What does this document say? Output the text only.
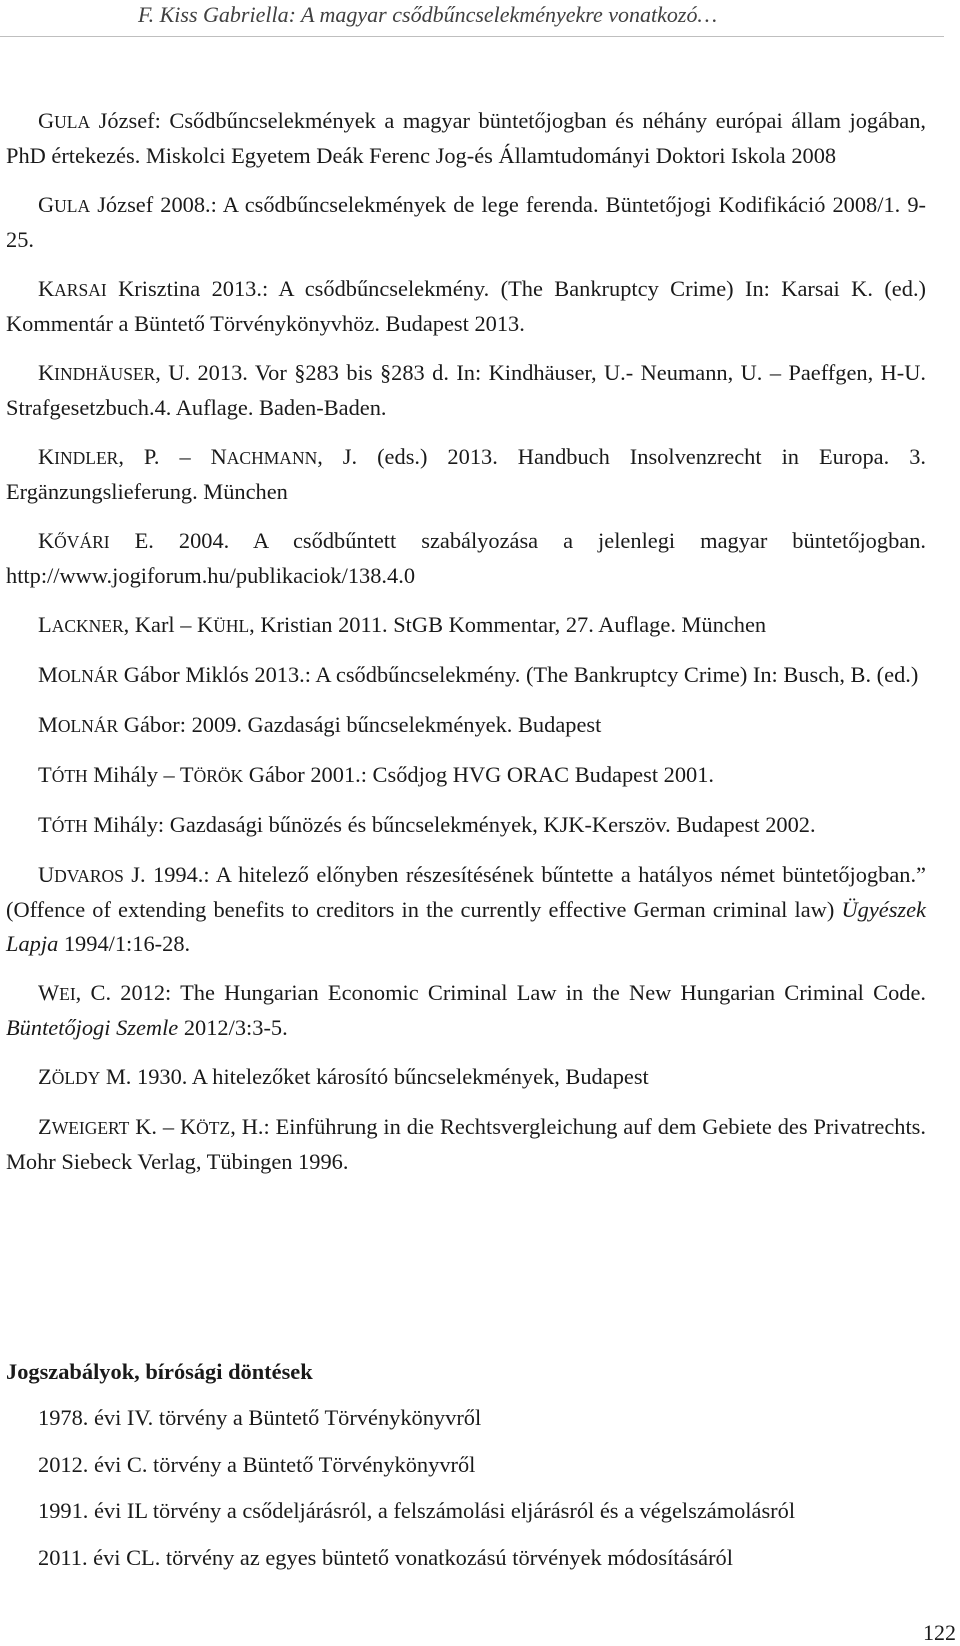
F. Kiss Gabriella: A magyar csődbűncselekményekre vonatkozó…

GULA József: Csődbűncselekmények a magyar büntetőjogban és néhány európai állam jogában, PhD értekezés. Miskolci Egyetem Deák Ferenc Jog-és Államtudományi Doktori Iskola 2008

GULA József 2008.: A csődbűncselekmények de lege ferenda. Büntetőjogi Kodifikáció 2008/1. 9-25.

KARSAI Krisztina 2013.: A csődbűncselekmény. (The Bankruptcy Crime) In: Karsai K. (ed.) Kommentár a Büntető Törvénykönyvhöz. Budapest 2013.

KINDHÄUSER, U. 2013. Vor §283 bis §283 d. In: Kindhäuser, U.- Neumann, U. – Paeffgen, H-U. Strafgesetzbuch.4. Auflage. Baden-Baden.

KINDLER, P. – NACHMANN, J. (eds.) 2013. Handbuch Insolvenzrecht in Europa. 3. Ergänzungslieferung. München

KŐVÁRI E. 2004. A csődbűntett szabályozása a jelenlegi magyar büntetőjogban. http://www.jogiforum.hu/publikaciok/138.4.0

LACKNER, Karl – KÜHL, Kristian 2011. StGB Kommentar, 27. Auflage. München

MOLNÁR Gábor Miklós 2013.: A csődbűncselekmény. (The Bankruptcy Crime) In: Busch, B. (ed.)

MOLNÁR Gábor: 2009. Gazdasági bűncselekmények. Budapest

TÓTH Mihály – TÖRÖK Gábor 2001.: Csődjog HVG ORAC Budapest 2001.

TÓTH Mihály: Gazdasági bűnözés és bűncselekmények, KJK-Kerszöv. Budapest 2002.

UDVAROS J. 1994.: A hitelező előnyben részesítésének bűntette a hatályos német büntetőjogban.” (Offence of extending benefits to creditors in the currently effective German criminal law) Ügyészek Lapja 1994/1:16-28.

WEI, C. 2012: The Hungarian Economic Criminal Law in the New Hungarian Criminal Code. Büntetőjogi Szemle 2012/3:3-5.

ZÖLDY M. 1930. A hitelezőket károsító bűncselekmények, Budapest

ZWEIGERT K. – KÖTZ, H.: Einführung in die Rechtsvergleichung auf dem Gebiete des Privatrechts. Mohr Siebeck Verlag, Tübingen 1996.

Jogszabályok, bírósági döntések
1978. évi IV. törvény a Büntető Törvénykönyvről
2012. évi C. törvény a Büntető Törvénykönyvről
1991. évi IL törvény a csődeljárásról, a felszámolási eljárásról és a végelszámolásról
2011. évi CL. törvény az egyes büntető vonatkozású törvények módosításáról
122
